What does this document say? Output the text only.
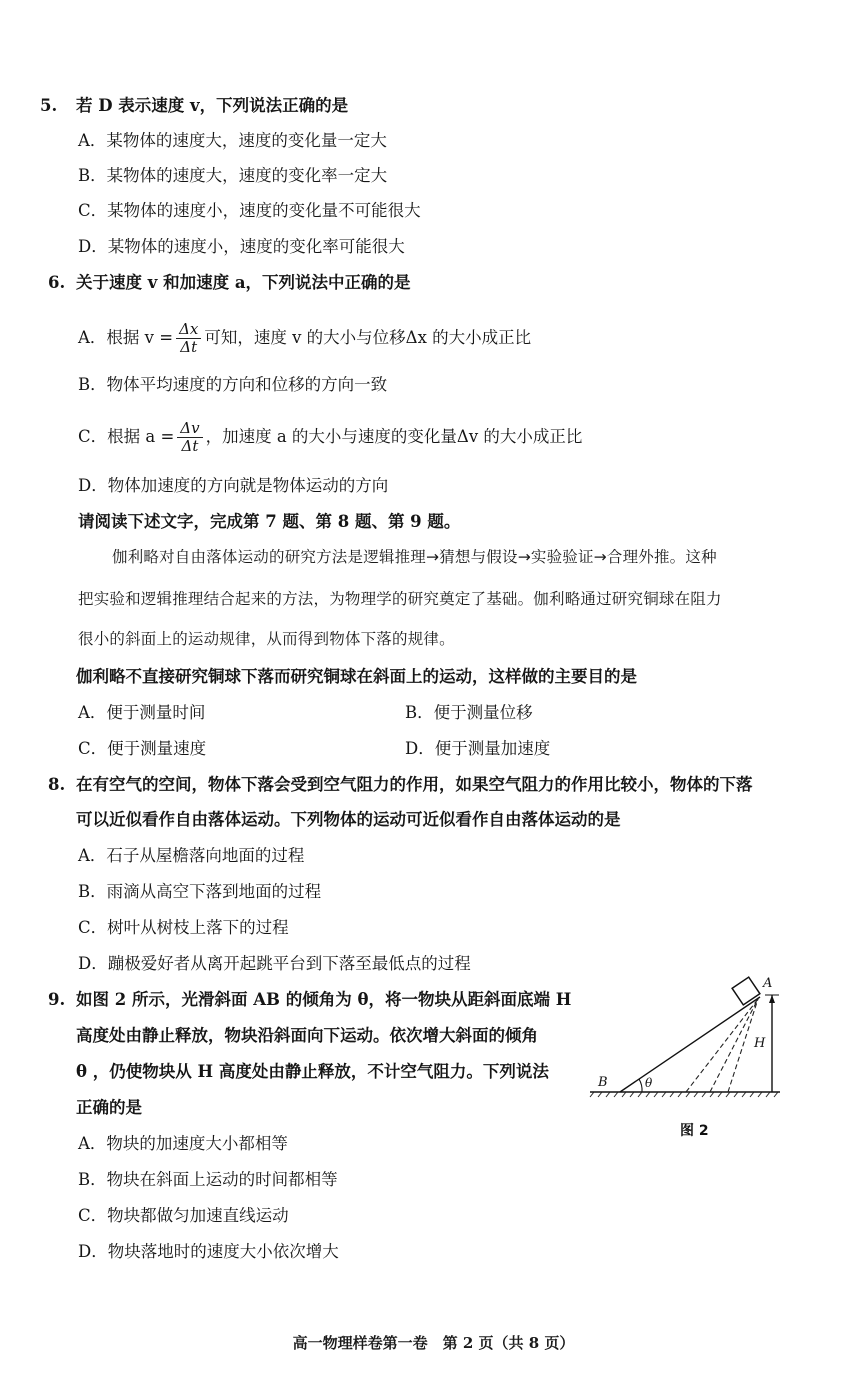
5. 若 D 表示速度 v，下列说法正确的是
A．某物体的速度大，速度的变化量一定大
B．某物体的速度大，速度的变化率一定大
C．某物体的速度小，速度的变化量不可能很大
D．某物体的速度小，速度的变化率可能很大
6. 关于速度 v 和加速度 a，下列说法中正确的是
A．根据 $v = \frac{\Delta x}{\Delta t}$ 可知，速度 v 的大小与位移Δx 的大小成正比
B．物体平均速度的方向和位移的方向一致
C．根据 $a = \frac{\Delta v}{\Delta t}$ ，加速度 a 的大小与速度的变化量Δv 的大小成正比
D．物体加速度的方向就是物体运动的方向
请阅读下述文字，完成第 7 题、第 8 题、第 9 题。
伽利略对自由落体运动的研究方法是逻辑推理→猜想与假设→实验验证→合理外推。这种
把实验和逻辑推理结合起来的方法，为物理学的研究奠定了基础。伽利略通过研究铜球在阻力
很小的斜面上的运动规律，从而得到物体下落的规律。
伽利略不直接研究铜球下落而研究铜球在斜面上的运动，这样做的主要目的是
A．便于测量时间	B．便于测量位移
C．便于测量速度	D．便于测量加速度
8. 在有空气的空间，物体下落会受到空气阻力的作用，如果空气阻力的作用比较小，物体的下落
可以近似看作自由落体运动。下列物体的运动可近似看作自由落体运动的是
A．石子从屋檐落向地面的过程
B．雨滴从高空下落到地面的过程
C．树叶从树枝上落下的过程
D．蹦极爱好者从离开起跳平台到下落至最低点的过程
9. 如图 2 所示，光滑斜面 AB 的倾角为 θ，将一物块从距斜面底端 H
高度处由静止释放，物块沿斜面向下运动。依次增大斜面的倾角
θ ，仍使物块从 H 高度处由静止释放，不计空气阻力。下列说法
正确的是
A．物块的加速度大小都相等
B．物块在斜面上运动的时间都相等
C．物块都做匀加速直线运动
D．物块落地时的速度大小依次增大
A
B
H
θ
图 2
高一物理样卷第一卷　第 2 页（共 8 页）
